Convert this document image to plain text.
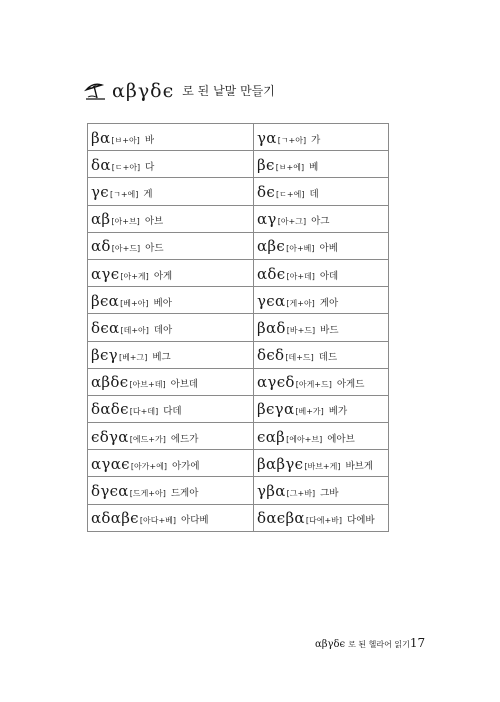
αβγδϵ 로 된 낱말 만들기
βα[ㅂ+아] 바	γα[ㄱ+아] 가
δα[ㄷ+아] 다	βϵ[ㅂ+에] 베
γϵ[ㄱ+에] 게	δϵ[ㄷ+에] 데
αβ[아+브] 아브	αγ[아+그] 아그
αδ[아+드] 아드	αβϵ[아+베] 아베
αγϵ[아+게] 아게	αδϵ[아+데] 아데
βϵα[베+아] 베아	γϵα[게+아] 게아
δϵα[데+아] 데아	βαδ[바+드] 바드
βϵγ[베+그] 베그	δϵδ[데+드] 데드
αβδϵ[아브+데] 아브데	αγϵδ[아게+드] 아게드
δαδϵ[다+데] 다데	βϵγα[베+가] 베가
ϵδγα[에드+가] 에드가	ϵαβ[에아+브] 에아브
αγαϵ[아가+에] 아가에	βαβγϵ[바브+게] 바브게
δγϵα[드게+아] 드게아	γβα[그+바] 그바
αδαβϵ[아다+베] 아다베	δαϵβα[다에+바] 다에바
αβγδϵ 로 된 헬라어 읽기 17
